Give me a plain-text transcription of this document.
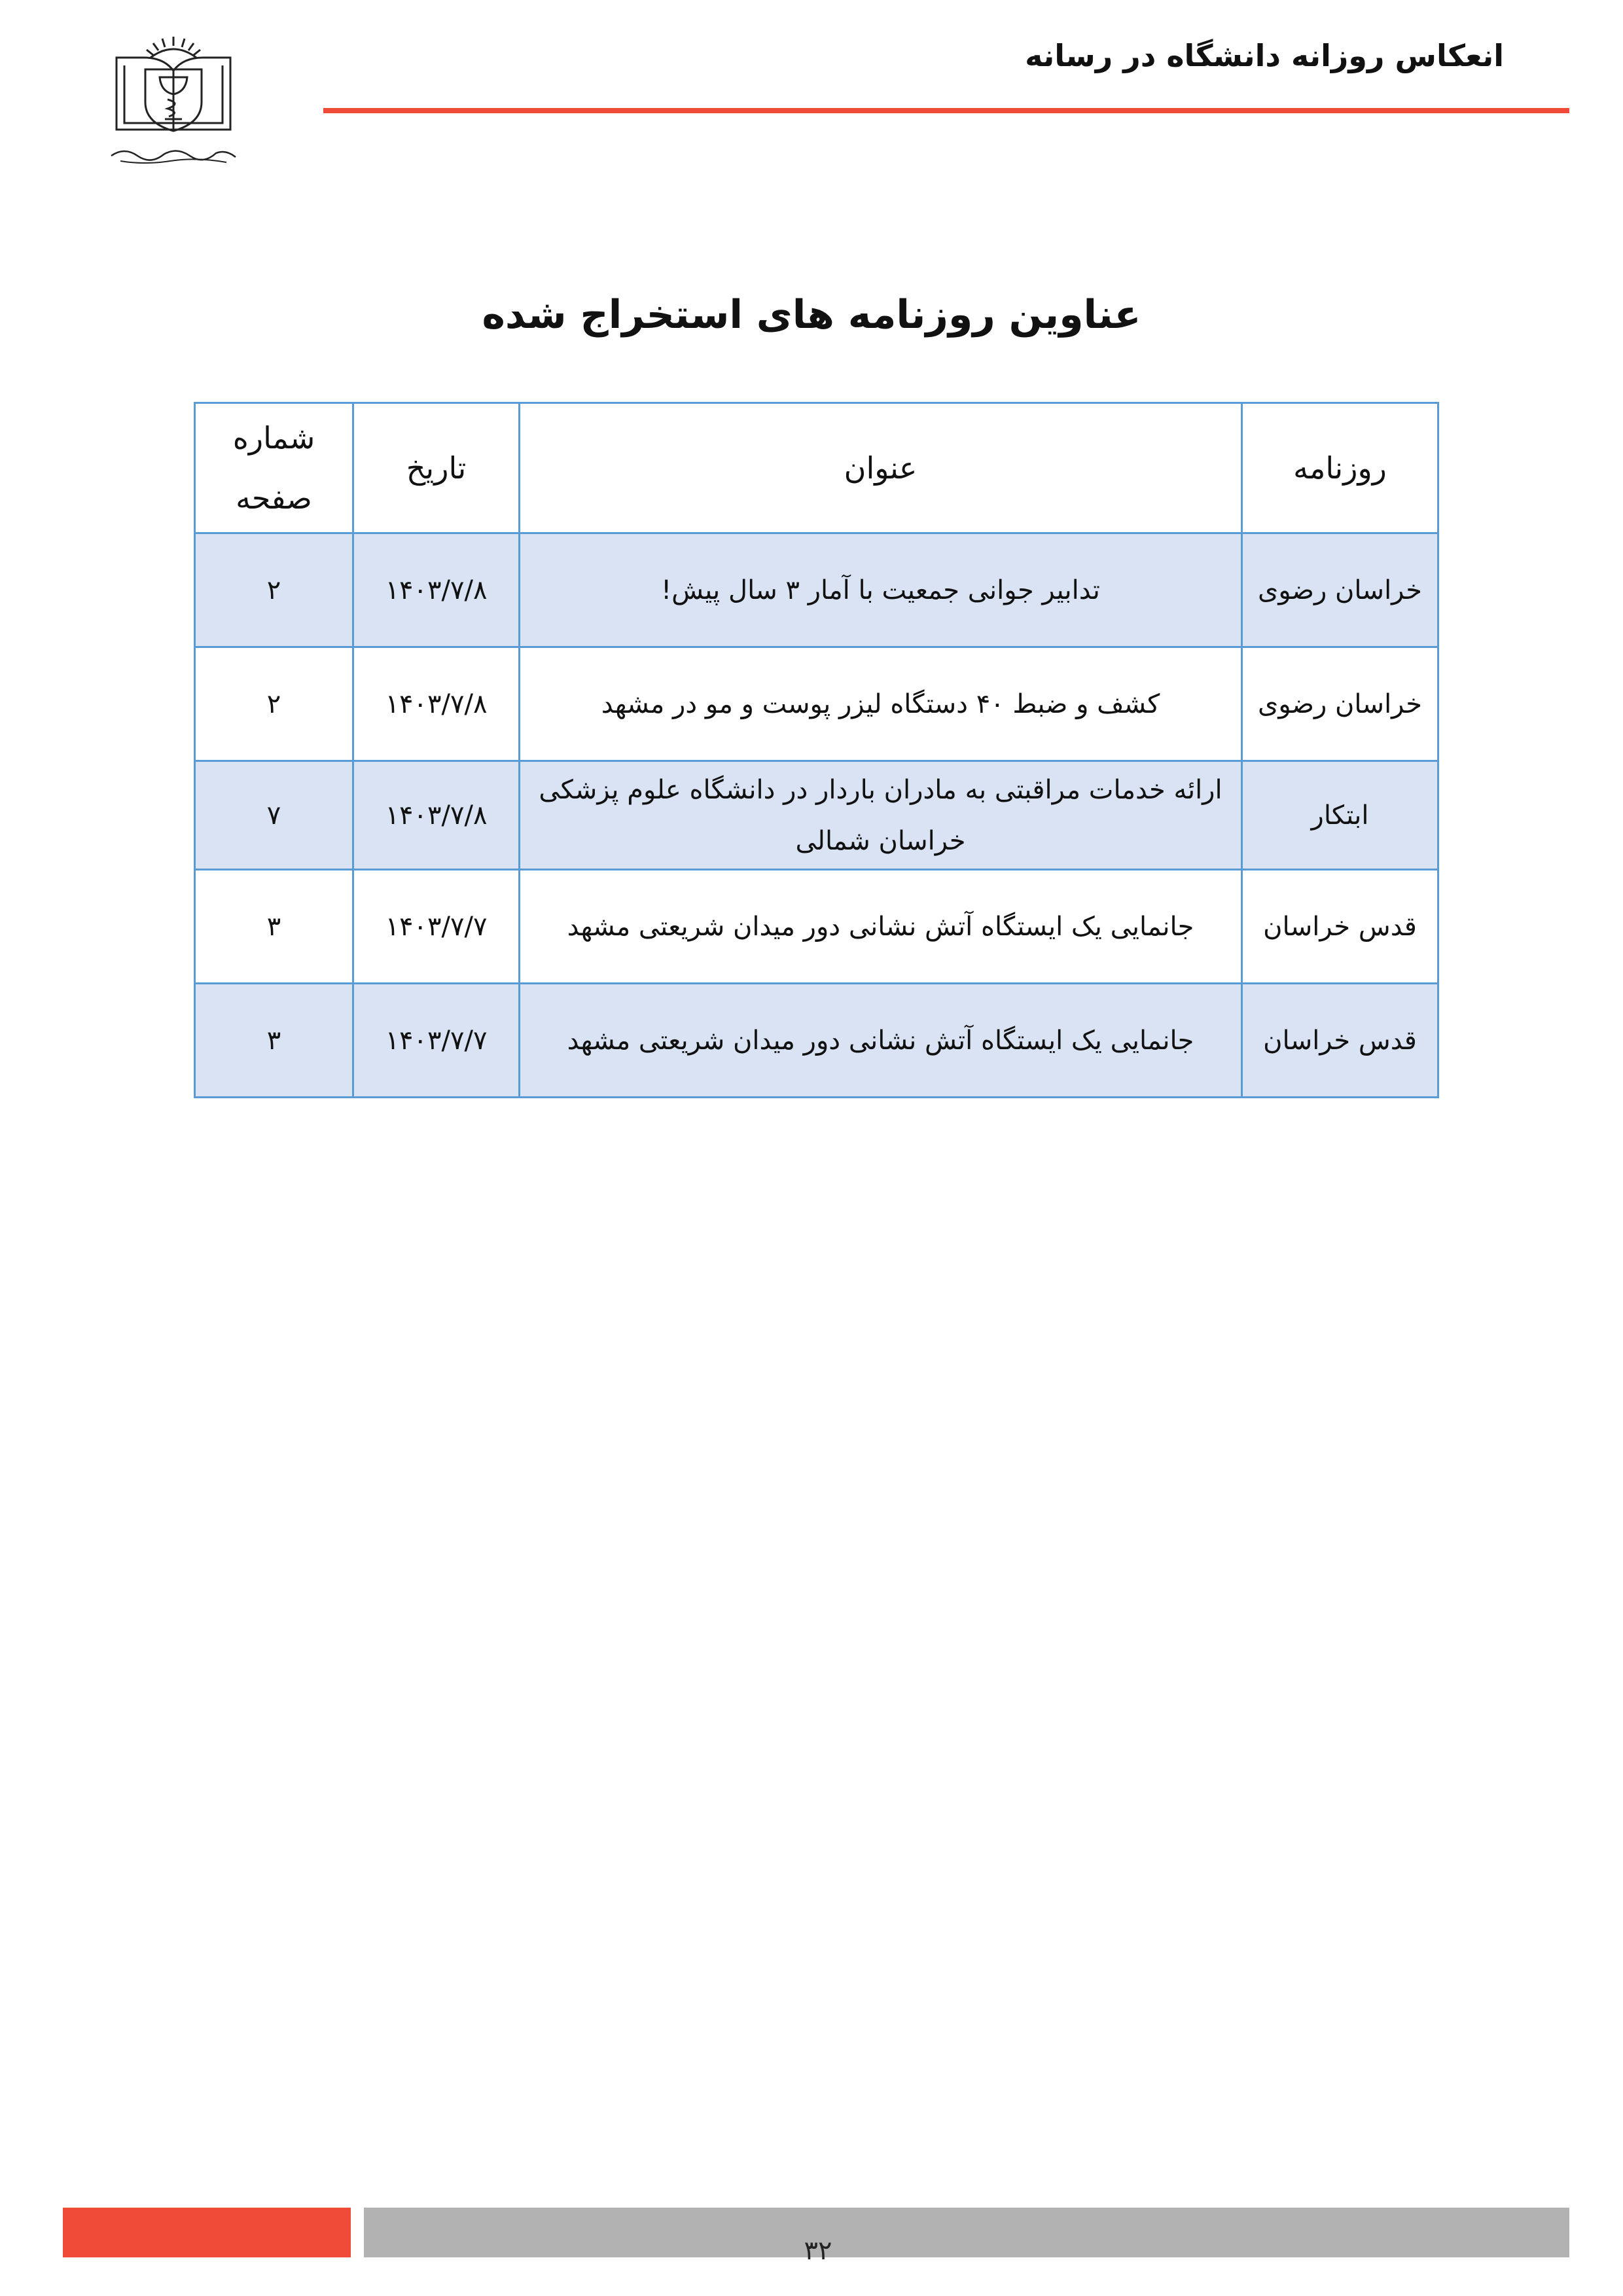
انعکاس روزانه دانشگاه در رسانه
عناوین روزنامه های استخراج شده
روزنامه	عنوان	تاریخ	شماره صفحه
خراسان رضوی	تدابیر جوانی جمعیت با آمار ۳ سال پیش!	۱۴۰۳/۷/۸	۲
خراسان رضوی	کشف و ضبط ۴۰ دستگاه لیزر پوست و مو در مشهد	۱۴۰۳/۷/۸	۲
ابتکار	ارائه خدمات مراقبتی به مادران باردار در دانشگاه علوم پزشکی خراسان شمالی	۱۴۰۳/۷/۸	۷
قدس خراسان	جانمایی یک ایستگاه آتش نشانی دور میدان شریعتی مشهد	۱۴۰۳/۷/۷	۳
قدس خراسان	جانمایی یک ایستگاه آتش نشانی دور میدان شریعتی مشهد	۱۴۰۳/۷/۷	۳
۳۲
